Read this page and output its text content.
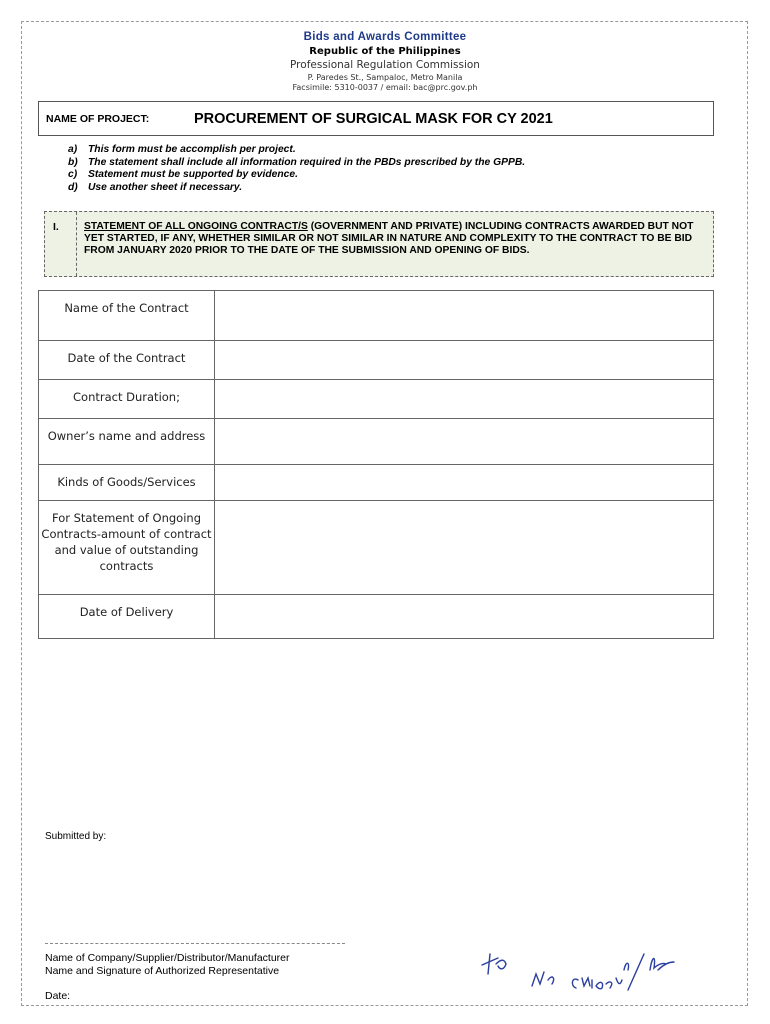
Bids and Awards Committee
Republic of the Philippines
Professional Regulation Commission
P. Paredes St., Sampaloc, Metro Manila
Facsimile: 5310-0037 / email: bac@prc.gov.ph
NAME OF PROJECT:	PROCUREMENT OF SURGICAL MASK FOR CY 2021
a)	This form must be accomplish per project.
b) The statement shall include all information required in the PBDs prescribed by the GPPB.
c)	Statement must be supported by evidence.
d) Use another sheet if necessary.
I. STATEMENT OF ALL ONGOING CONTRACT/S (GOVERNMENT AND PRIVATE) INCLUDING CONTRACTS AWARDED BUT NOT YET STARTED, IF ANY, WHETHER SIMILAR OR NOT SIMILAR IN NATURE AND COMPLEXITY TO THE CONTRACT TO BE BID FROM JANUARY 2020 PRIOR TO THE DATE OF THE SUBMISSION AND OPENING OF BIDS.
Name of the Contract	
Date of the Contract	
Contract Duration;	
Owner’s name and address	
Kinds of Goods/Services	
For Statement of Ongoing Contracts-amount of contract and value of outstanding contracts	
Date of Delivery	
Submitted by:
Name of Company/Supplier/Distributor/Manufacturer
Name and Signature of Authorized Representative
Date:
